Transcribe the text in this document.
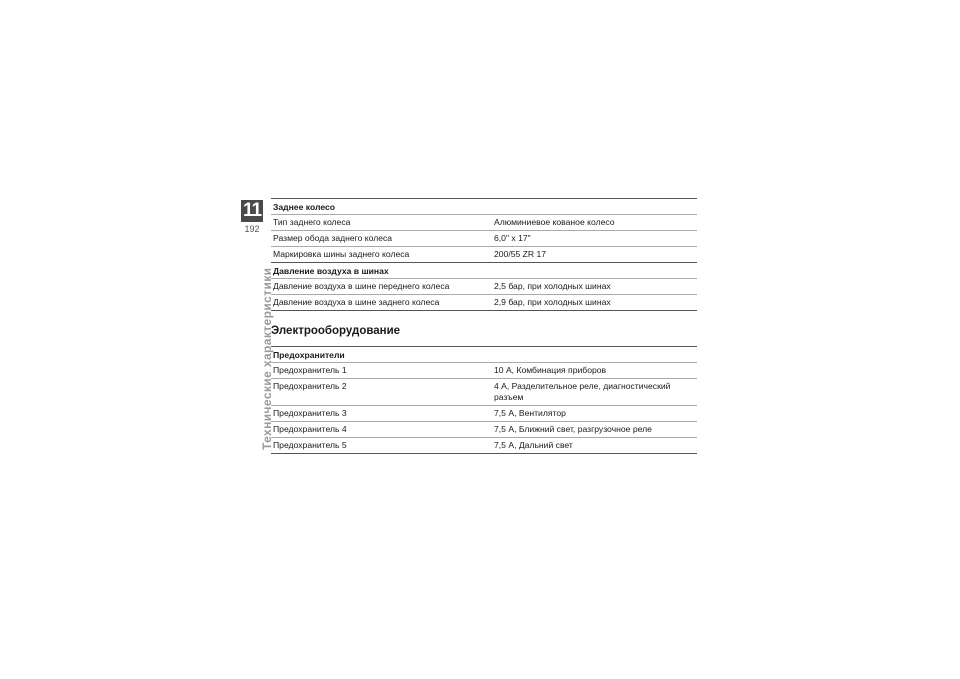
11
192
Технические характеристики
Заднее колесо
Тип заднего колеса	Алюминиевое кованое колесо
Размер обода заднего колеса	6,0" x 17"
Маркировка шины заднего колеса	200/55 ZR 17
Давление воздуха в шинах
Давление воздуха в шине переднего колеса	2,5 бар, при холодных шинах
Давление воздуха в шине заднего колеса	2,9 бар, при холодных шинах
Электрооборудование
Предохранители
Предохранитель 1	10 А, Комбинация приборов
Предохранитель 2	4 А, Разделительное реле, диагностический разъем
Предохранитель 3	7,5 А, Вентилятор
Предохранитель 4	7,5 А, Ближний свет, разгрузочное реле
Предохранитель 5	7,5 А, Дальний свет
